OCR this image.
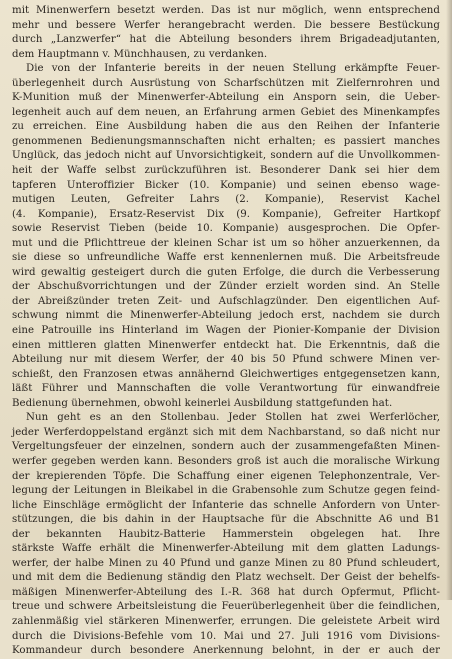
mit Minenwerfern besetzt werden. Das ist nur möglich, wenn entsprechend
mehr und bessere Werfer herangebracht werden. Die bessere Bestückung
durch „Lanzwerfer“ hat die Abteilung besonders ihrem Brigadeadjutanten,
dem Hauptmann v. Münchhausen, zu verdanken.
Die von der Infanterie bereits in der neuen Stellung erkämpfte Feuer-
überlegenheit durch Ausrüstung von Scharfschützen mit Zielfernrohren und
K-Munition muß der Minenwerfer-Abteilung ein Ansporn sein, die Ueber-
legenheit auch auf dem neuen, an Erfahrung armen Gebiet des Minenkampfes
zu erreichen. Eine Ausbildung haben die aus den Reihen der Infanterie
genommenen Bedienungsmannschaften nicht erhalten; es passiert manches
Unglück, das jedoch nicht auf Unvorsichtigkeit, sondern auf die Unvollkommen-
heit der Waffe selbst zurückzuführen ist. Besonderer Dank sei hier dem
tapferen Unteroffizier Bicker (10. Kompanie) und seinen ebenso wage-
mutigen Leuten, Gefreiter Lahrs (2. Kompanie), Reservist Kachel
(4. Kompanie), Ersatz-Reservist Dix (9. Kompanie), Gefreiter Hartkopf
sowie Reservist Tieben (beide 10. Kompanie) ausgesprochen. Die Opfer-
mut und die Pflichttreue der kleinen Schar ist um so höher anzuerkennen, da
sie diese so unfreundliche Waffe erst kennenlernen muß. Die Arbeitsfreude
wird gewaltig gesteigert durch die guten Erfolge, die durch die Verbesserung
der Abschußvorrichtungen und der Zünder erzielt worden sind. An Stelle
der Abreißzünder treten Zeit- und Aufschlagzünder. Den eigentlichen Auf-
schwung nimmt die Minenwerfer-Abteilung jedoch erst, nachdem sie durch
eine Patrouille ins Hinterland im Wagen der Pionier-Kompanie der Division
einen mittleren glatten Minenwerfer entdeckt hat. Die Erkenntnis, daß die
Abteilung nur mit diesem Werfer, der 40 bis 50 Pfund schwere Minen ver-
schießt, den Franzosen etwas annähernd Gleichwertiges entgegensetzen kann,
läßt Führer und Mannschaften die volle Verantwortung für einwandfreie
Bedienung übernehmen, obwohl keinerlei Ausbildung stattgefunden hat.
Nun geht es an den Stollenbau. Jeder Stollen hat zwei Werferlöcher,
jeder Werferdoppelstand ergänzt sich mit dem Nachbarstand, so daß nicht nur
Vergeltungsfeuer der einzelnen, sondern auch der zusammengefaßten Minen-
werfer gegeben werden kann. Besonders groß ist auch die moralische Wirkung
der krepierenden Töpfe. Die Schaffung einer eigenen Telephonzentrale, Ver-
legung der Leitungen in Bleikabel in die Grabensohle zum Schutze gegen feind-
liche Einschläge ermöglicht der Infanterie das schnelle Anfordern von Unter-
stützungen, die bis dahin in der Hauptsache für die Abschnitte A6 und B1
der bekannten Haubitz-Batterie Hammerstein obgelegen hat. Ihre
stärkste Waffe erhält die Minenwerfer-Abteilung mit dem glatten Ladungs-
werfer, der halbe Minen zu 40 Pfund und ganze Minen zu 80 Pfund schleudert,
und mit dem die Bedienung ständig den Platz wechselt. Der Geist der behelfs-
mäßigen Minenwerfer-Abteilung des I.-R. 368 hat durch Opfermut, Pflicht-
treue und schwere Arbeitsleistung die Feuerüberlegenheit über die feindlichen,
zahlenmäßig viel stärkeren Minenwerfer, errungen. Die geleistete Arbeit wird
durch die Divisions-Befehle vom 10. Mai und 27. Juli 1916 vom Divisions-
Kommandeur durch besondere Anerkennung belohnt, in der er auch der
